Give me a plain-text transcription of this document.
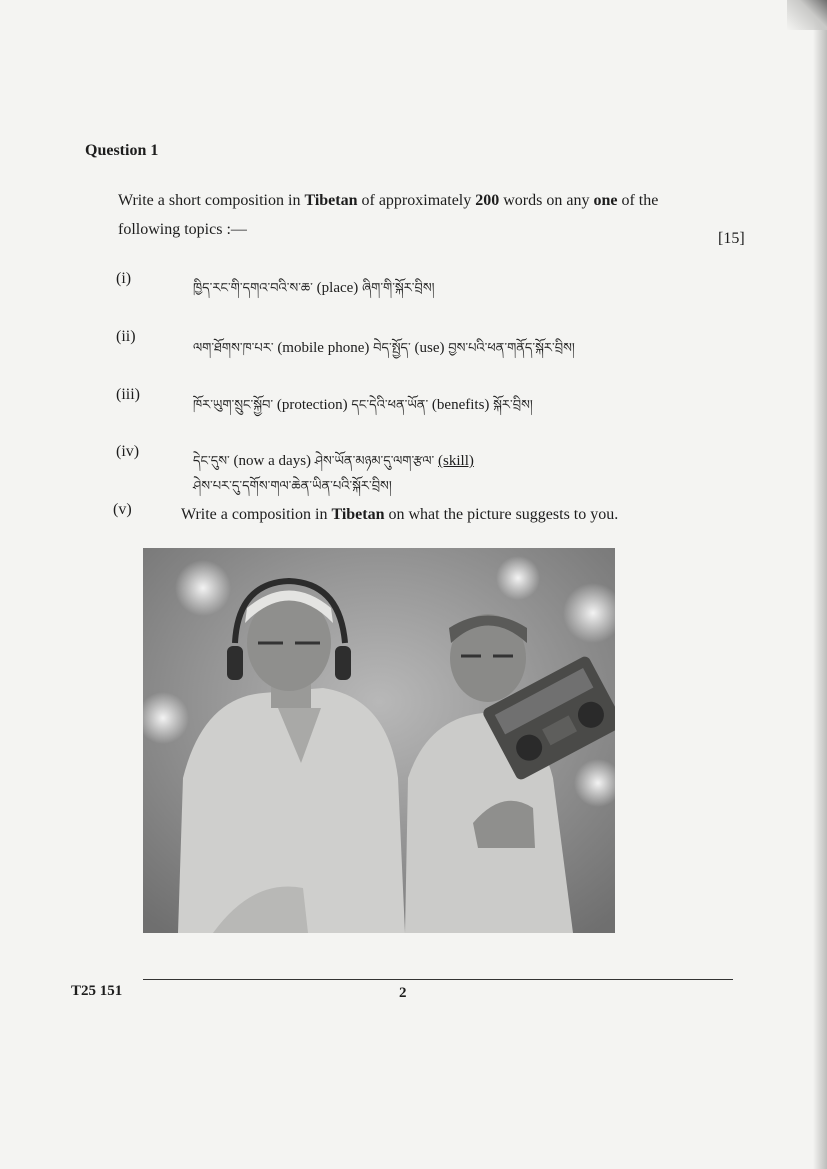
Question 1
Write a short composition in Tibetan of approximately 200 words on any one of the
following topics :—
[15]
(i)
ཁྱིད་རང་གི་དགའ་བའི་ས་ཆ་ (place) ཞིག་གི་སྐོར་བྲིས།
(ii)
ལག་ཐོགས་ཁ་པར་ (mobile phone) བེད་སྤྱོད་ (use) བྱས་པའི་ཕན་གནོད་སྐོར་བྲིས།
(iii)
ཁོར་ཡུག་སྲུང་སྐྱོབ་ (protection) དང་དེའི་ཕན་ཡོན་ (benefits) སྐོར་བྲིས།
(iv)
དེང་དུས་ (now a days) ཤེས་ཡོན་མཉམ་དུ་ལག་རྩལ་ (skill)
ཤེས་པར་དུ་དགོས་གལ་ཆེན་ཡིན་པའི་སྐོར་བྲིས།
(v)	Write a composition in Tibetan on what the picture suggests to you.
T25 151	2
